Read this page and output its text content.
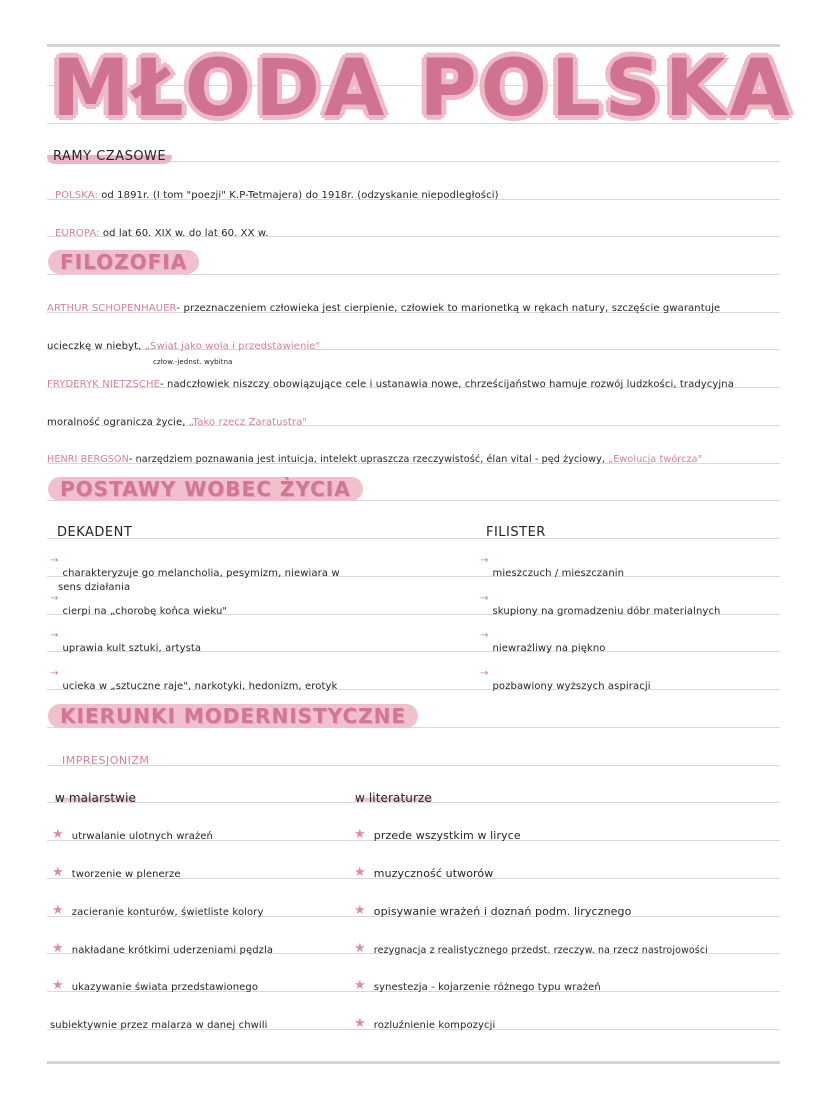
MŁODA POLSKA
RAMY CZASOWE
POLSKA:
od 1891r. (I tom "poezji" K.P-Tetmajera) do 1918r. (odzyskanie niepodległości)
EUROPA:
od lat 60. XIX w. do lat 60. XX w.
FILOZOFIA
ARTHUR SCHOPENHAUER - przeznaczeniem człowieka jest cierpienie, człowiek to marionetką w rękach natury, szczęście gwarantuje
ucieczkę w niebyt,
„Świat jako wola i przedstawienie"
człow.-jednst. wybitna
FRYDERYK NIETZSCHE - nadczłowiek niszczy obowiązujące cele i ustanawia nowe, chrześcijaństwo hamuje rozwój ludzkości, tradycyjna
moralność ogranicza życie,
„Tako rzecz Zaratustra"
HENRI BERGSON - narzędziem poznawania jest intuicja, intelekt upraszcza rzeczywistość, élan vital - pęd życiowy,
„Ewolucja twórcza"
POSTAWY WOBEC ŻYCIA
DEKADENT	FILISTER
→
charakteryzuje go melancholia, pesymizm, niewiara w
sens działania
→
cierpi na „chorobę końca wieku"
→
uprawia kult sztuki, artysta
→
ucieka w „sztuczne raje", narkotyki, hedonizm, erotyk
→
mieszczuch / mieszczanin
→
skupiony na gromadzeniu dóbr materialnych
→
niewrażliwy na piękno
→
pozbawiony wyższych aspiracji
KIERUNKI MODERNISTYCZNE
IMPRESJONIZM
w malarstwie	w literaturze
★ utrwalanie ulotnych wrażeń
★ tworzenie w plenerze
★ zacieranie konturów, świetliste kolory
★ nakładane krótkimi uderzeniami pędzla
★ ukazywanie świata przedstawionego
subiektywnie przez malarza w danej chwili
★ przede wszystkim w liryce
★ muzyczność utworów
★ opisywanie wrażeń i doznań podm. lirycznego
★ rezygnacja z realistycznego przedst. rzeczyw. na rzecz nastrojowości
★ synestezja - kojarzenie różnego typu wrażeń
★ rozluźnienie kompozycji
